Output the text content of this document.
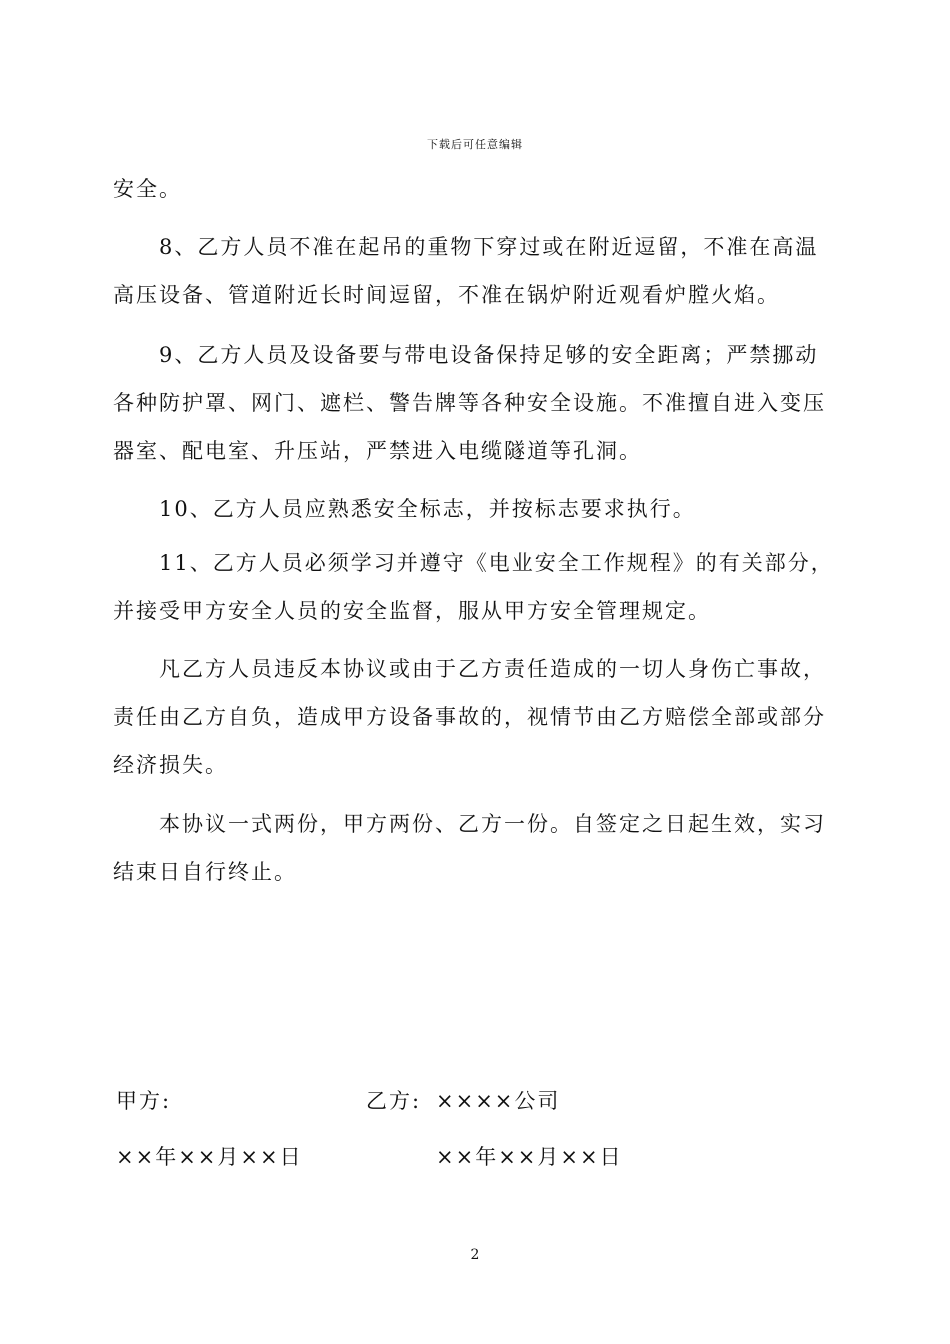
下载后可任意编辑

安全。

8、乙方人员不准在起吊的重物下穿过或在附近逗留，不准在高温高压设备、管道附近长时间逗留，不准在锅炉附近观看炉膛火焰。

9、乙方人员及设备要与带电设备保持足够的安全距离；严禁挪动各种防护罩、网门、遮栏、警告牌等各种安全设施。不准擅自进入变压器室、配电室、升压站，严禁进入电缆隧道等孔洞。

10、乙方人员应熟悉安全标志，并按标志要求执行。

11、乙方人员必须学习并遵守《电业安全工作规程》的有关部分，并接受甲方安全人员的安全监督，服从甲方安全管理规定。

凡乙方人员违反本协议或由于乙方责任造成的一切人身伤亡事故，责任由乙方自负，造成甲方设备事故的，视情节由乙方赔偿全部或部分经济损失。

本协议一式两份，甲方两份、乙方一份。自签定之日起生效，实习结束日自行终止。

甲方:	乙方: ××××公司
××年××月××日	××年××月××日
2
